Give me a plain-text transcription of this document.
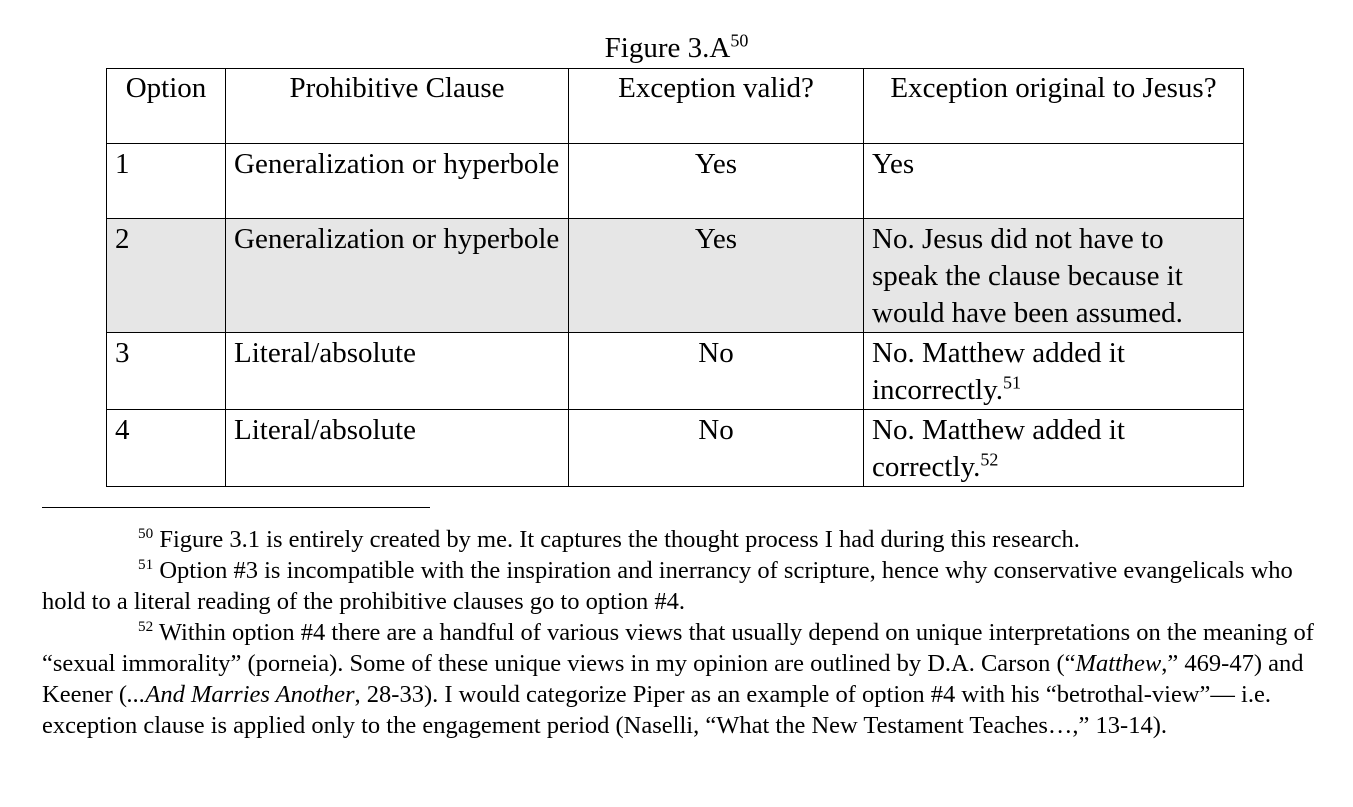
Figure $3.A^{50}$
Option	Prohibitive Clause	Exception valid?	Exception original to Jesus?
1	Generalization or hyperbole	Yes	Yes
2	Generalization or hyperbole	Yes	No. Jesus did not have to speak the clause because it would have been assumed.
3	Literal/absolute	No	No. Matthew added it incorrectly.$^{51}$
4	Literal/absolute	No	No. Matthew added it correctly.$^{52}$

$^{50}$ Figure 3.1 is entirely created by me. It captures the thought process I had during this research.

$^{51}$ Option #3 is incompatible with the inspiration and inerrancy of scripture, hence why conservative evangelicals who hold to a literal reading of the prohibitive clauses go to option #4.

$^{52}$ Within option #4 there are a handful of various views that usually depend on unique interpretations on the meaning of “sexual immorality” (porneia). Some of these unique views in my opinion are outlined by D.A. Carson (“Matthew,” 469-47) and Keener (...And Marries Another, 28-33). I would categorize Piper as an example of option #4 with his “betrothal-view”— i.e. exception clause is applied only to the engagement period (Naselli, “What the New Testament Teaches…,” 13-14).
